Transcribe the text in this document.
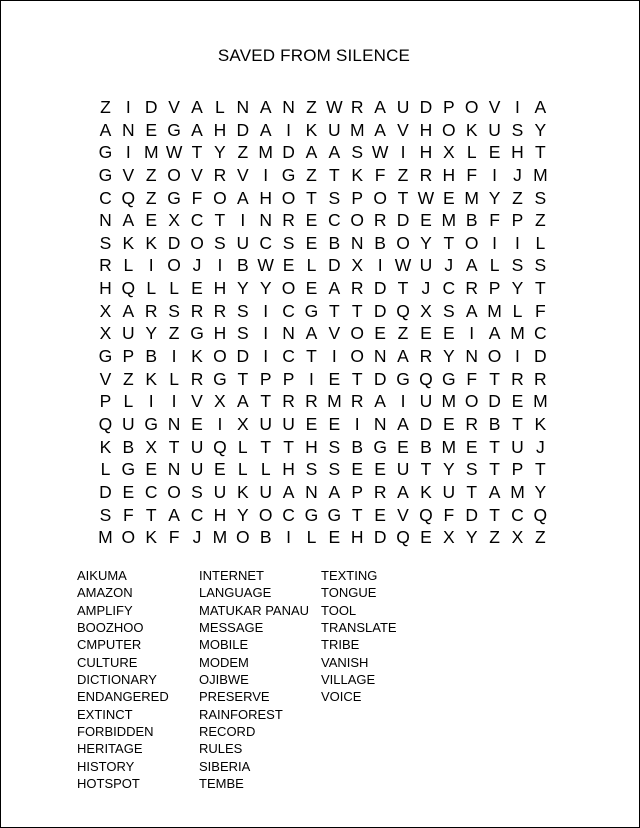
SAVED FROM SILENCE
Z I D V A L N A N Z W R A U D P O V I A
A N E G A H D A I K U M A V H O K U S Y
G I M W T Y Z M D A A S W I H X L E H T
G V Z O V R V I G Z T K F Z R H F I J M
C Q Z G F O A H O T S P O T W E M Y Z S
N A E X C T I N R E C O R D E M B F P Z
S K K D O S U C S E B N B O Y T O I	I L
R L I O J I B W E L D X I W U J A L S S
H Q L L E H Y Y O E A R D T J C R P Y T
X A R S R R S I C G T T D Q X S A M L F
X U Y Z G H S I N A V O E Z E E I A M C
G P B I K O D I C T I O N A R Y N O I D
V Z K L R G T P P I E T D G Q G F T R R
P L I	I V X A T R R M R A I U M O D E M
Q U G N E I X U U E E I N A D E R B T K
K B X T U Q L T T H S B G E B M E T U J
L G E N U E L L H S S E E U T Y S T P T
D E C O S U K U A N A P R A K U T A M Y
S F T A C H Y O C G G T E V Q F D T C Q
M O K F J M O B I L E H D Q E X Y Z X Z
AIKUMA
AMAZON
AMPLIFY
BOOZHOO
CMPUTER
CULTURE
DICTIONARY
ENDANGERED
EXTINCT
FORBIDDEN
HERITAGE
HISTORY
HOTSPOT
INTERNET
LANGUAGE
MATUKAR PANAU
MESSAGE
MOBILE
MODEM
OJIBWE
PRESERVE
RAINFOREST
RECORD
RULES
SIBERIA
TEMBE
TEXTING
TONGUE
TOOL
TRANSLATE
TRIBE
VANISH
VILLAGE
VOICE
